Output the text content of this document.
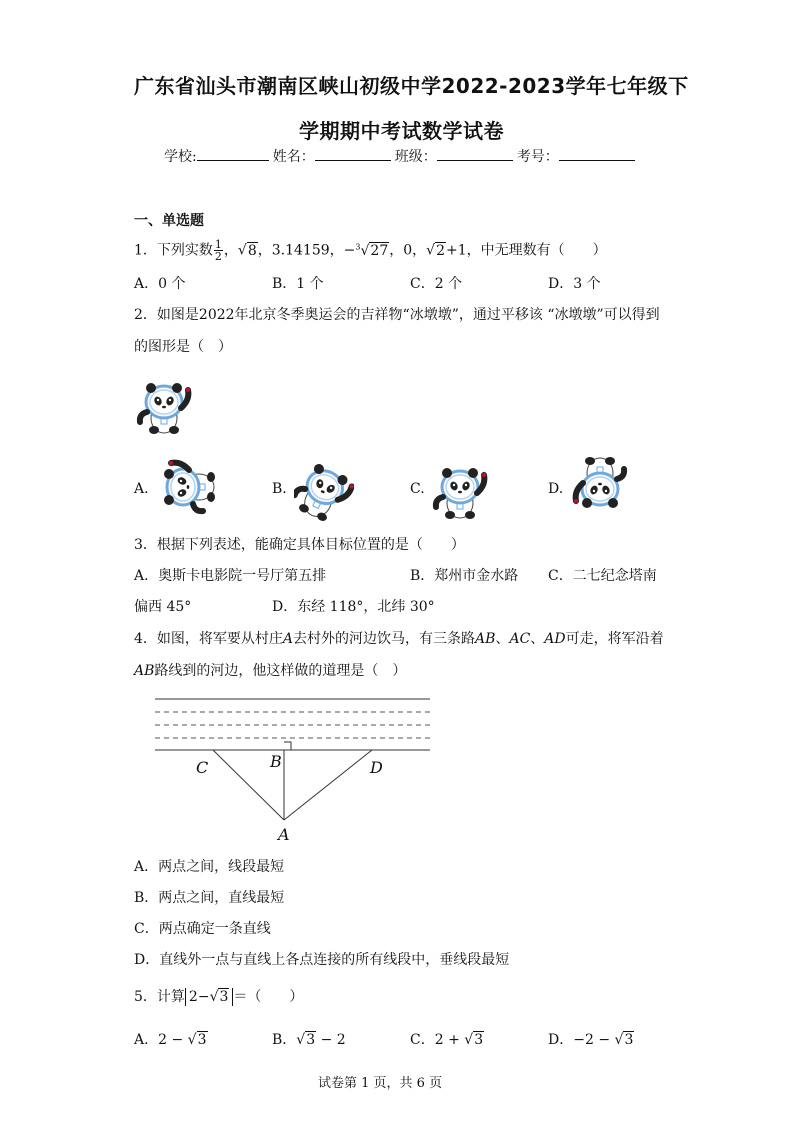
广东省汕头市潮南区峡山初级中学2022-2023学年七年级下
学期期中考试数学试卷
学校:	姓名：	班级：	考号：
一、单选题
1．下列实数 $\frac{1}{2}$ ，√8，3.14159，−$^3$√27，0，√2+1，中无理数有（　　）
A．0 个	B．1 个	C．2 个	D．3 个
2．如图是2022年北京冬季奥运会的吉祥物“冰墩墩”，通过平移该 “冰墩墩”可以得到
的图形是（　）
A.	B.	C.	D.
3．根据下列表述，能确定具体目标位置的是（　　）
A．奥斯卡电影院一号厅第五排	B．郑州市金水路 C．二七纪念塔南
偏西 45°	D．东经 118°，北纬 30°
4．如图，将军要从村庄A去村外的河边饮马，有三条路AB、AC、AD可走，将军沿着
AB路线到的河边，他这样做的道理是（　）
C	B	D
A
A．两点之间，线段最短
B．两点之间，直线最短
C．两点确定一条直线
D．直线外一点与直线上各点连接的所有线段中，垂线段最短
5．计算 2−√3 ＝（　　）
A．2 − √3	B．√3 − 2	C．2 + √3	D．−2 − √3
试卷第 1 页，共 6 页
